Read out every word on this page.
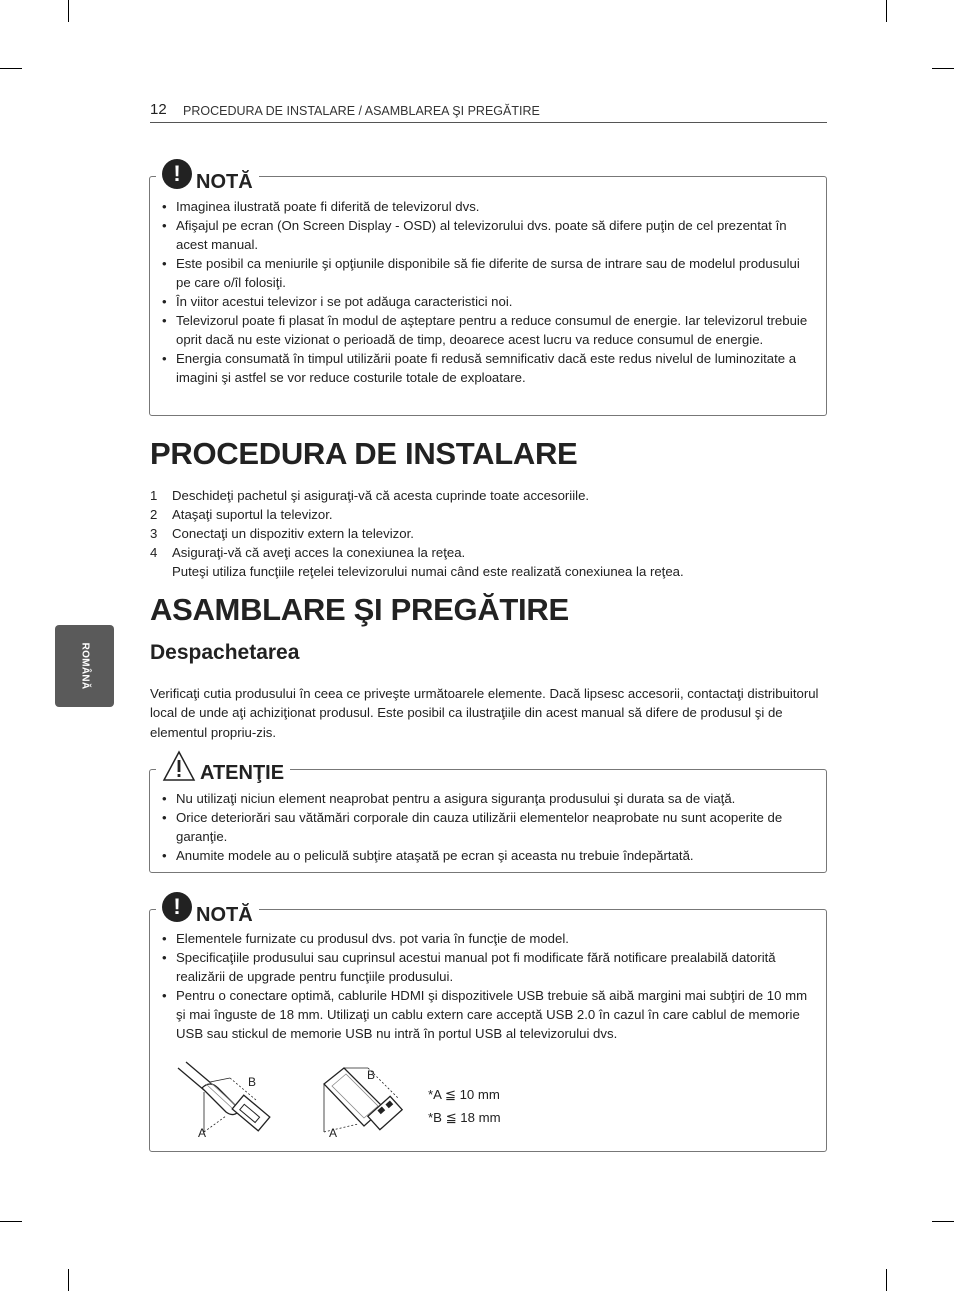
12 PROCEDURA DE INSTALARE / ASAMBLAREA ŞI PREGĂTIRE
ROMÂNĂ
! NOTĂ
• Imaginea ilustrată poate fi diferită de televizorul dvs.
• Afişajul pe ecran (On Screen Display - OSD) al televizorului dvs. poate să difere puţin de cel prezentat în acest manual.
• Este posibil ca meniurile şi opţiunile disponibile să fie diferite de sursa de intrare sau de modelul produsului pe care o/îl folosiţi.
• În viitor acestui televizor i se pot adăuga caracteristici noi.
• Televizorul poate fi plasat în modul de aşteptare pentru a reduce consumul de energie. Iar televizorul trebuie oprit dacă nu este vizionat o perioadă de timp, deoarece acest lucru va reduce consumul de energie.
• Energia consumată în timpul utilizării poate fi redusă semnificativ dacă este redus nivelul de luminozitate a imagini şi astfel se vor reduce costurile totale de exploatare.
PROCEDURA DE INSTALARE
1 Deschideţi pachetul şi asiguraţi-vă că acesta cuprinde toate accesoriile.
2 Ataşaţi suportul la televizor.
3 Conectaţi un dispozitiv extern la televizor.
4 Asiguraţi-vă că aveţi acces la conexiunea la reţea.
Puteşi utiliza funcţiile reţelei televizorului numai când este realizată conexiunea la reţea.
ASAMBLARE ŞI PREGĂTIRE
Despachetarea
Verificaţi cutia produsului în ceea ce priveşte următoarele elemente. Dacă lipsesc accesorii, contactaţi distribuitorul local de unde aţi achiziţionat produsul. Este posibil ca ilustraţiile din acest manual să difere de produsul şi de elementul propriu-zis.
ATENŢIE
• Nu utilizaţi niciun element neaprobat pentru a asigura siguranţa produsului şi durata sa de viaţă.
• Orice deteriorări sau vătămări corporale din cauza utilizării elementelor neaprobate nu sunt acoperite de garanţie.
• Anumite modele au o peliculă subţire ataşată pe ecran şi aceasta nu trebuie îndepărtată.
! NOTĂ
• Elementele furnizate cu produsul dvs. pot varia în funcţie de model.
• Specificaţiile produsului sau cuprinsul acestui manual pot fi modificate fără notificare prealabilă datorită realizării de upgrade pentru funcţiile produsului.
• Pentru o conectare optimă, cablurile HDMI şi dispozitivele USB trebuie să aibă margini mai subţiri de 10 mm şi mai înguste de 18 mm. Utilizaţi un cablu extern care acceptă USB 2.0 în cazul în care cablul de memorie USB sau stickul de memorie USB nu intră în portul USB al televizorului dvs.
B
A
B
A
*A ≦ 10 mm
*B ≦ 18 mm
